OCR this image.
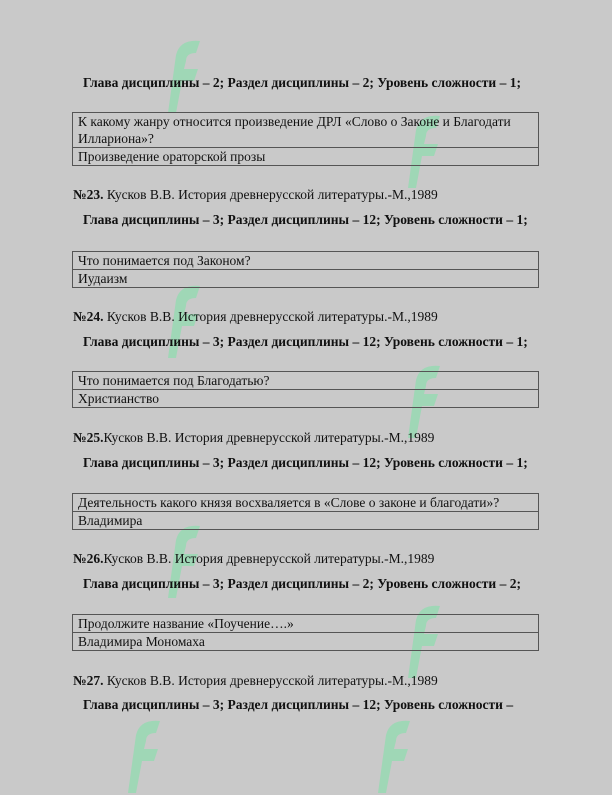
Глава дисциплины – 2; Раздел дисциплины – 2; Уровень сложности – 1;
К какому жанру относится произведение ДРЛ «Слово о Законе и Благодати Иллариона»?
Произведение ораторской прозы
№23. Кусков В.В. История древнерусской литературы.-М.,1989
Глава дисциплины – 3; Раздел дисциплины – 12; Уровень сложности – 1;
Что понимается под Законом?
Иудаизм
№24. Кусков В.В. История древнерусской литературы.-М.,1989
Глава дисциплины – 3; Раздел дисциплины – 12; Уровень сложности – 1;
Что понимается под Благодатью?
Христианство
№25.Кусков В.В. История древнерусской литературы.-М.,1989
Глава дисциплины – 3; Раздел дисциплины – 12; Уровень сложности – 1;
Деятельность какого князя восхваляется в «Слове о законе и благодати»?
Владимира
№26.Кусков В.В. История древнерусской литературы.-М.,1989
Глава дисциплины – 3; Раздел дисциплины – 2; Уровень сложности – 2;
Продолжите название «Поучение….»
Владимира Мономаха
№27. Кусков В.В. История древнерусской литературы.-М.,1989
Глава дисциплины – 3; Раздел дисциплины – 12; Уровень сложности –
